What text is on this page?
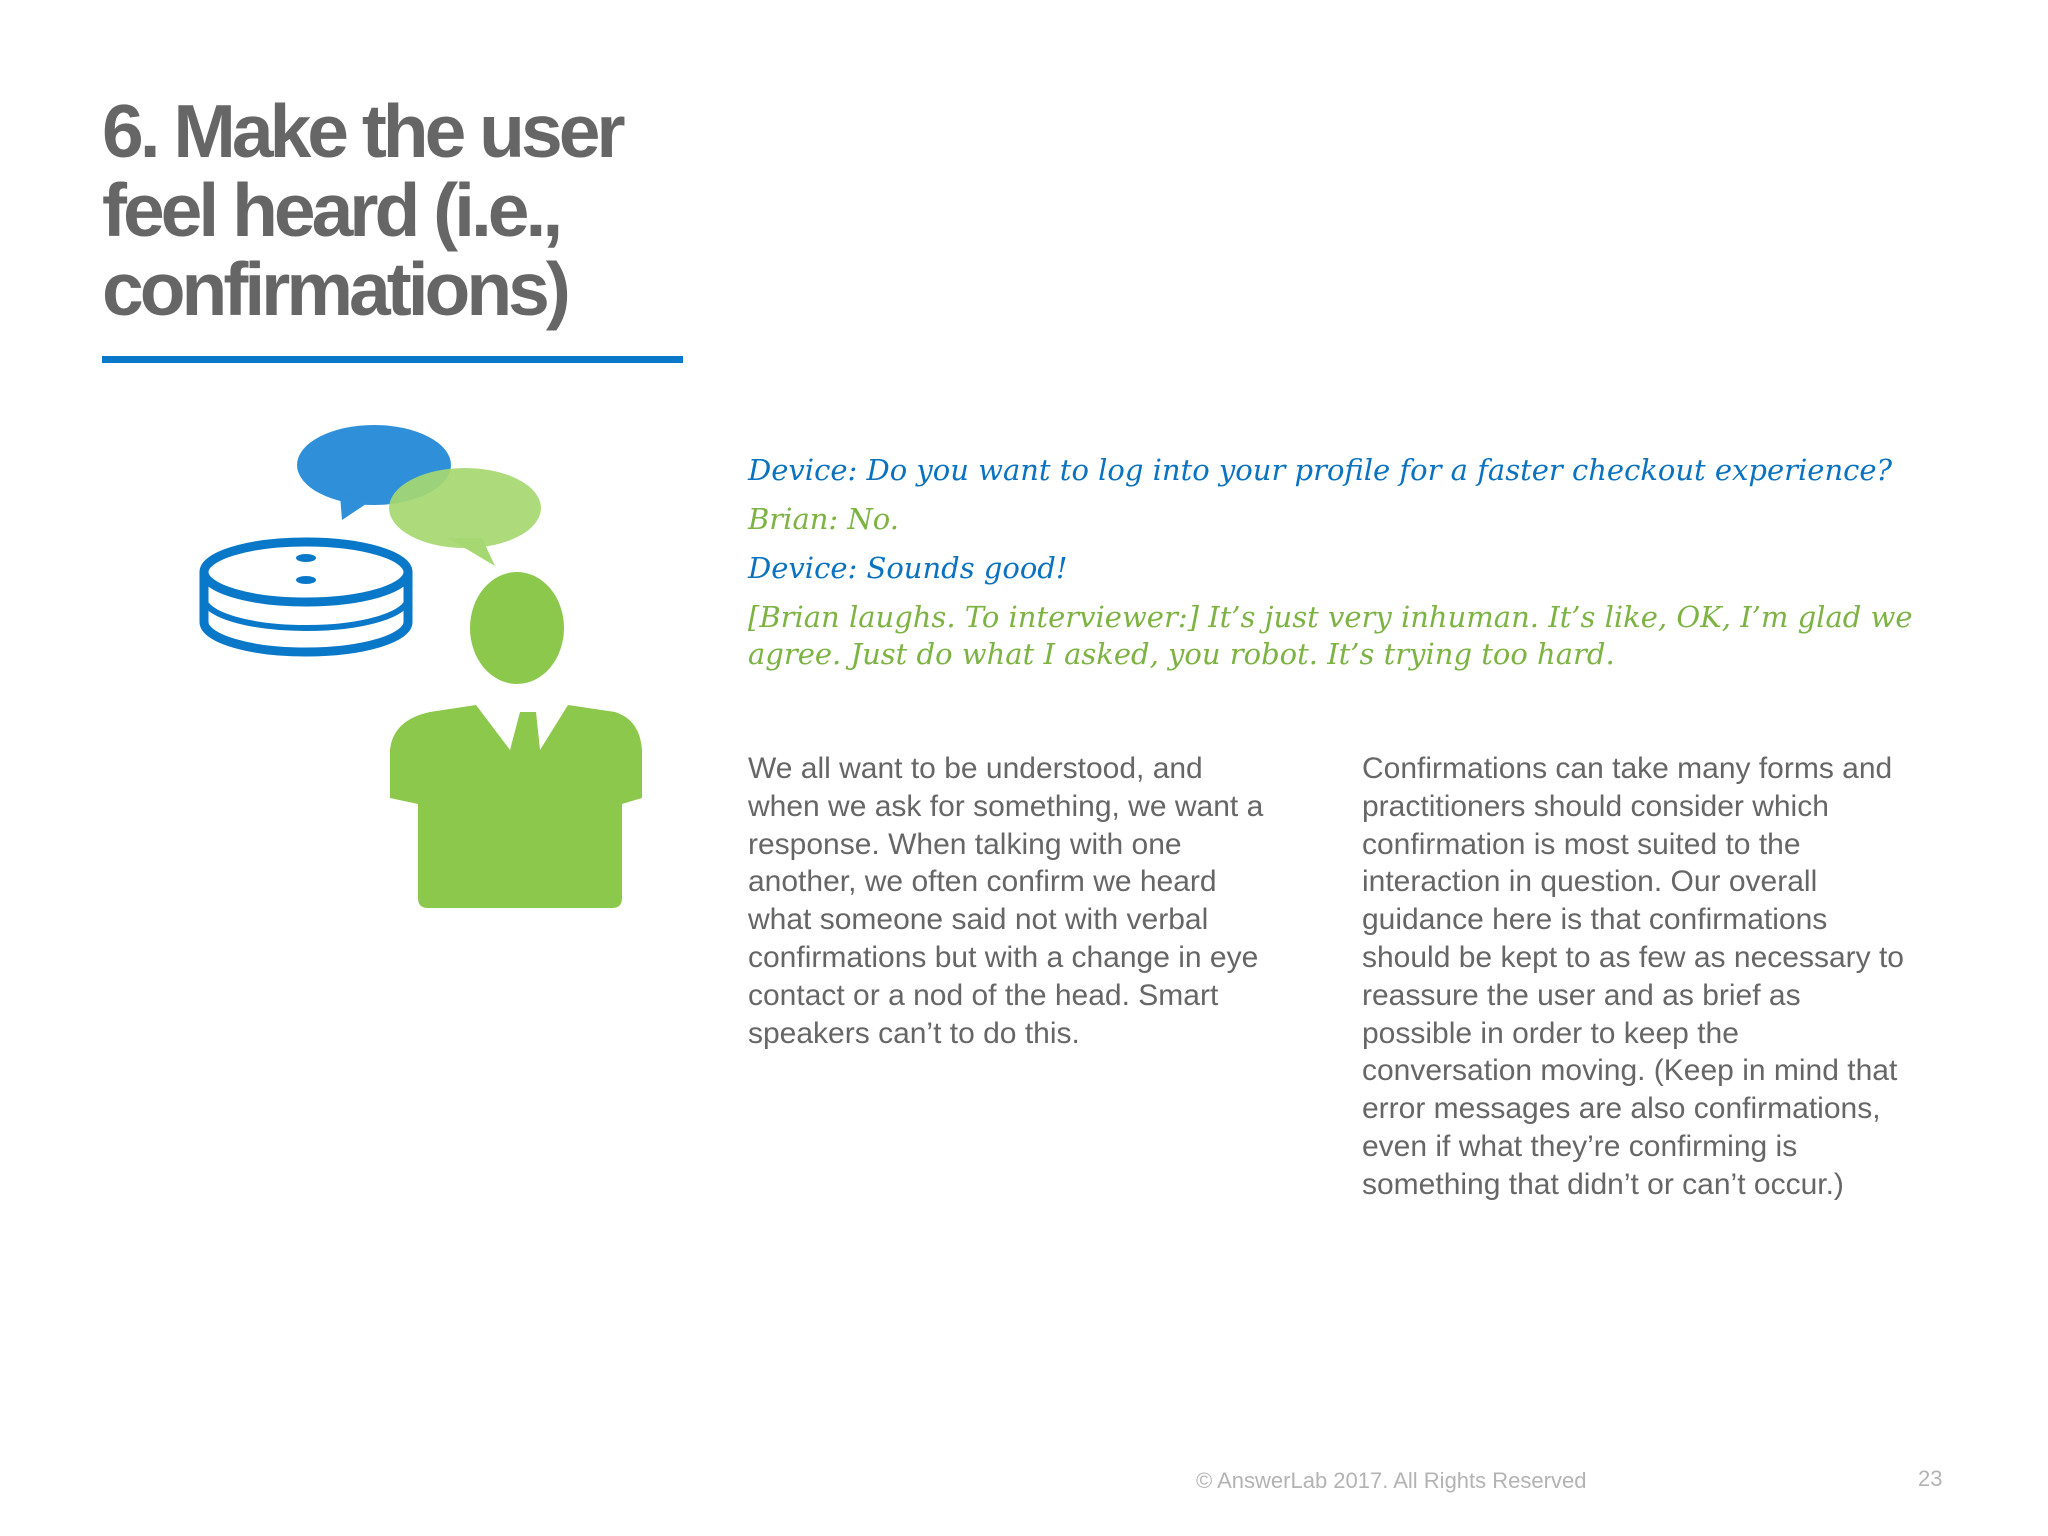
6. Make the user
feel heard (i.e.,
confirmations)

Device: Do you want to log into your profile for a faster checkout experience?

Brian: No.

Device: Sounds good!

[Brian laughs. To interviewer:] It’s just very inhuman. It’s like, OK, I’m glad we agree. Just do what I asked, you robot. It’s trying too hard.

We all want to be understood, and
when we ask for something, we want a
response. When talking with one
another, we often confirm we heard
what someone said not with verbal
confirmations but with a change in eye
contact or a nod of the head. Smart
speakers can’t to do this.
Confirmations can take many forms and
practitioners should consider which
confirmation is most suited to the
interaction in question. Our overall
guidance here is that confirmations
should be kept to as few as necessary to
reassure the user and as brief as
possible in order to keep the
conversation moving. (Keep in mind that
error messages are also confirmations,
even if what they’re confirming is
something that didn’t or can’t occur.)
© AnswerLab 2017. All Rights Reserved	23
